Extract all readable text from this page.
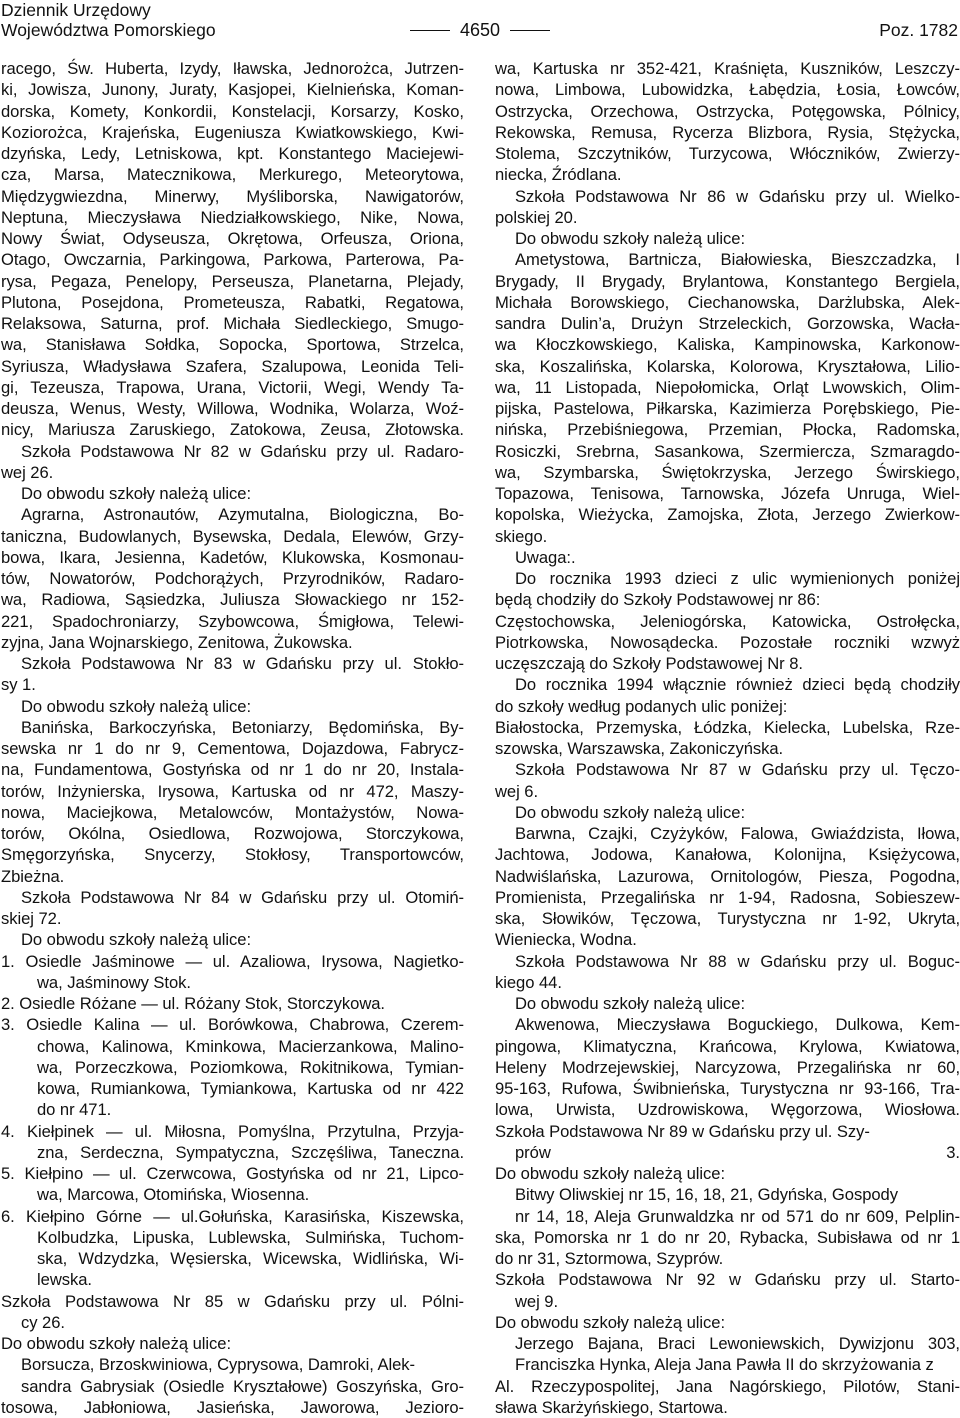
Dziennik Urzędowy
Województwa Pomorskiego	4650	Poz. 1782
racego, Św. Huberta, Izydy, Iławska, Jednorożca, Jutrzen-
ki, Jowisza, Junony, Juraty, Kasjopei, Kielnieńska, Koman-
dorska, Komety, Konkordii, Konstelacji, Korsarzy, Kosko,
Koziorożca, Krajeńska, Eugeniusza Kwiatkowskiego, Kwi-
dzyńska, Ledy, Letniskowa, kpt. Konstantego Maciejewi-
cza, Marsa, Matecznikowa, Merkurego, Meteorytowa,
Międzygwiezdna, Minerwy, Myśliborska, Nawigatorów,
Neptuna, Mieczysława Niedziałkowskiego, Nike, Nowa,
Nowy Świat, Odyseusza, Okrętowa, Orfeusza, Oriona,
Otago, Owczarnia, Parkingowa, Parkowa, Parterowa, Pa-
rysa, Pegaza, Penelopy, Perseusza, Planetarna, Plejady,
Plutona, Posejdona, Prometeusza, Rabatki, Regatowa,
Relaksowa, Saturna, prof. Michała Siedleckiego, Smugo-
wa, Stanisława Sołdka, Sopocka, Sportowa, Strzelca,
Syriusza, Władysława Szafera, Szalupowa, Leonida Teli-
gi, Tezeusza, Trapowa, Urana, Victorii, Wegi, Wendy Ta-
deusza, Wenus, Westy, Willowa, Wodnika, Wolarza, Woź-
nicy, Mariusza Zaruskiego, Zatokowa, Zeusa, Złotowska.
Szkoła Podstawowa Nr 82 w Gdańsku przy ul. Radaro-
wej 26.
Do obwodu szkoły należą ulice:
Agrarna, Astronautów, Azymutalna, Biologiczna, Bo-
taniczna, Budowlanych, Bysewska, Dedala, Elewów, Grzy-
bowa, Ikara, Jesienna, Kadetów, Klukowska, Kosmonau-
tów, Nowatorów, Podchorążych, Przyrodników, Radaro-
wa, Radiowa, Sąsiedzka, Juliusza Słowackiego nr 152-
221, Spadochroniarzy, Szybowcowa, Śmigłowa, Telewi-
zyjna, Jana Wojnarskiego, Zenitowa, Żukowska.
Szkoła Podstawowa Nr 83 w Gdańsku przy ul. Stokło-
sy 1.
Do obwodu szkoły należą ulice:
Banińska, Barkoczyńska, Betoniarzy, Będomińska, By-
sewska nr 1 do nr 9, Cementowa, Dojazdowa, Fabrycz-
na, Fundamentowa, Gostyńska od nr 1 do nr 20, Instala-
torów, Inżynierska, Irysowa, Kartuska od nr 472, Maszy-
nowa, Maciejkowa, Metalowców, Montażystów, Nowa-
torów, Okólna, Osiedlowa, Rozwojowa, Storczykowa,
Smęgorzyńska, Snycerzy, Stokłosy, Transportowców,
Zbieżna.
Szkoła Podstawowa Nr 84 w Gdańsku przy ul. Otomiń-
skiej 72.
Do obwodu szkoły należą ulice:
1. Osiedle Jaśminowe — ul. Azaliowa, Irysowa, Nagietko-
wa, Jaśminowy Stok.
2. Osiedle Różane — ul. Różany Stok, Storczykowa.
3. Osiedle Kalina — ul. Borówkowa, Chabrowa, Czerem-
chowa, Kalinowa, Kminkowa, Macierzankowa, Malino-
wa, Porzeczkowa, Poziomkowa, Rokitnikowa, Tymian-
kowa, Rumiankowa, Tymiankowa, Kartuska od nr 422
do nr 471.
4. Kiełpinek — ul. Miłosna, Pomyślna, Przytulna, Przyja-
zna, Serdeczna, Sympatyczna, Szczęśliwa, Taneczna.
5. Kiełpino — ul. Czerwcowa, Gostyńska od nr 21, Lipco-
wa, Marcowa, Otomińska, Wiosenna.
6. Kiełpino Górne — ul.Gołuńska, Karasińska, Kiszewska,
Kolbudzka, Lipuska, Lublewska, Sulmińska, Tuchom-
ska, Wdzydzka, Węsierska, Wicewska, Widlińska, Wi-
lewska.
Szkoła Podstawowa Nr 85 w Gdańsku przy ul. Pólni-
cy 26.
Do obwodu szkoły należą ulice:
Borsucza, Brzoskwiniowa, Cyprysowa, Damroki, Alek-
sandra Gabrysiak (Osiedle Kryształowe) Goszyńska, Gro-
tosowa, Jabłoniowa, Jasieńska, Jaworowa, Jezioro-
wa, Kartuska nr 352-421, Kraśnięta, Kuszników, Leszczy-
nowa, Limbowa, Lubowidzka, Łabędzia, Łosia, Łowców,
Ostrzycka, Orzechowa, Ostrzycka, Potęgowska, Pólnicy,
Rekowska, Remusa, Rycerza Blizbora, Rysia, Stężycka,
Stolema, Szczytników, Turzycowa, Włóczników, Zwierzy-
niecka, Źródlana.
Szkoła Podstawowa Nr 86 w Gdańsku przy ul. Wielko-
polskiej 20.
Do obwodu szkoły należą ulice:
Ametystowa, Bartnicza, Białowieska, Bieszczadzka, I
Brygady, II Brygady, Brylantowa, Konstantego Bergiela,
Michała Borowskiego, Ciechanowska, Darżlubska, Alek-
sandra Dulin’a, Drużyn Strzeleckich, Gorzowska, Wacła-
wa Kłoczkowskiego, Kaliska, Kampinowska, Karkonow-
ska, Koszalińska, Kolarska, Kolorowa, Kryształowa, Lilio-
wa, 11 Listopada, Niepołomicka, Orląt Lwowskich, Olim-
pijska, Pastelowa, Piłkarska, Kazimierza Porębskiego, Pie-
nińska, Przebiśniegowa, Przemian, Płocka, Radomska,
Rosiczki, Srebrna, Sasankowa, Szermiercza, Szmaragdo-
wa, Szymbarska, Świętokrzyska, Jerzego Świrskiego,
Topazowa, Tenisowa, Tarnowska, Józefa Unruga, Wiel-
kopolska, Wieżycka, Zamojska, Złota, Jerzego Zwierkow-
skiego.
Uwaga:.
Do rocznika 1993 dzieci z ulic wymienionych poniżej
będą chodziły do Szkoły Podstawowej nr 86:
Częstochowska, Jeleniogórska, Katowicka, Ostrołęcka,
Piotrkowska, Nowosądecka. Pozostałe roczniki wzwyż
uczęszczają do Szkoły Podstawowej Nr 8.
Do rocznika 1994 włącznie również dzieci będą chodziły
do szkoły według podanych ulic poniżej:
Białostocka, Przemyska, Łódzka, Kielecka, Lubelska, Rze-
szowska, Warszawska, Zakoniczyńska.
Szkoła Podstawowa Nr 87 w Gdańsku przy ul. Tęczo-
wej 6.
Do obwodu szkoły należą ulice:
Barwna, Czajki, Czyżyków, Falowa, Gwiaździsta, Iłowa,
Jachtowa, Jodowa, Kanałowa, Kolonijna, Księżycowa,
Nadwiślańska, Lazurowa, Ornitologów, Piesza, Pogodna,
Promienista, Przegalińska nr 1-94, Radosna, Sobieszew-
ska, Słowików, Tęczowa, Turystyczna nr 1-92, Ukryta,
Wieniecka, Wodna.
Szkoła Podstawowa Nr 88 w Gdańsku przy ul. Boguc-
kiego 44.
Do obwodu szkoły należą ulice:
Akwenowa, Mieczysława Boguckiego, Dulkowa, Kem-
pingowa, Klimatyczna, Krańcowa, Krylowa, Kwiatowa,
Heleny Modrzejewskiej, Narcyzowa, Przegalińska nr 60,
95-163, Rufowa, Świbnieńska, Turystyczna nr 93-166, Tra-
lowa, Urwista, Uzdrowiskowa, Węgorzowa, Wiosłowa.
Szkoła Podstawowa Nr 89 w Gdańsku przy ul. Szy-
prów 3.
Do obwodu szkoły należą ulice:
Bitwy Oliwskiej nr 15, 16, 18, 21, Gdyńska, Gospody
nr 14, 18, Aleja Grunwaldzka nr od 571 do nr 609, Pelplin-
ska, Pomorska nr 1 do nr 20, Rybacka, Subisława od nr 1
do nr 31, Sztormowa, Szyprów.
Szkoła Podstawowa Nr 92 w Gdańsku przy ul. Starto-
wej 9.
Do obwodu szkoły należą ulice:
Jerzego Bajana, Braci Lewoniewskich, Dywizjonu 303,
Franciszka Hynka, Aleja Jana Pawła II do skrzyżowania z
Al. Rzeczypospolitej, Jana Nagórskiego, Pilotów, Stani-
sława Skarżyńskiego, Startowa.
